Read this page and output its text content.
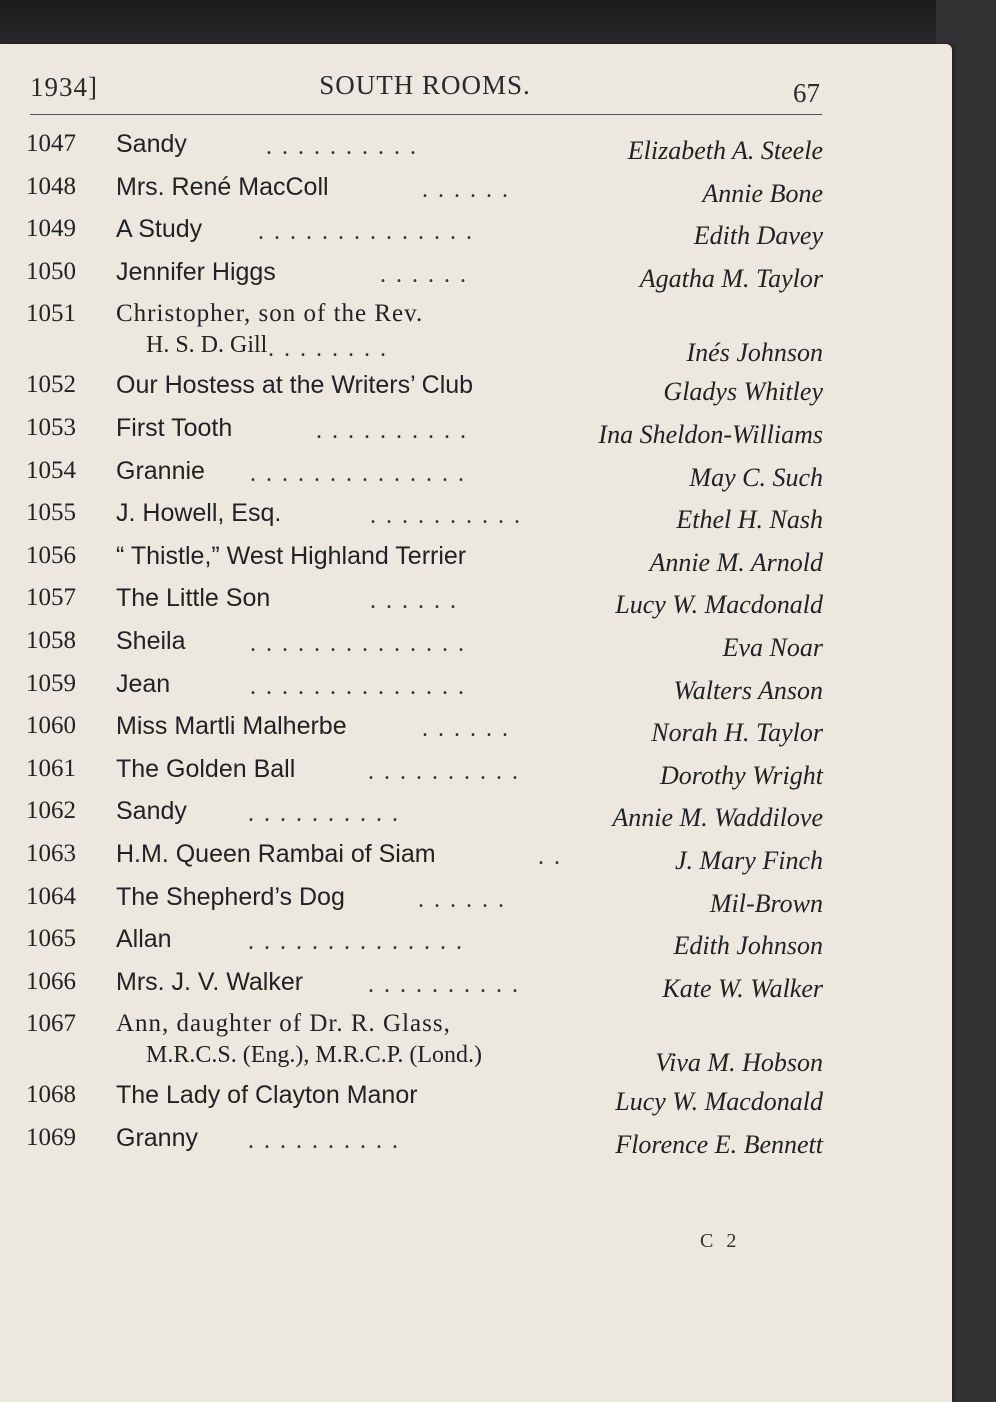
1934]	SOUTH ROOMS.	67
1047 Sandy	. . . . . . . . . .	Elizabeth A. Steele
1048 Mrs. René MacColl	. . . . . .	Annie Bone
1049 A Study . . . . . . . . . . . . . .	Edith Davey
1050 Jennifer Higgs	. . . . . .	Agatha M. Taylor
1051 Christopher, son of the Rev.
H. S. D. Gill . . . . . . . .	Inés Johnson
1052 Our Hostess at the Writers’ Club	Gladys Whitley
1053 First Tooth	. . . . . . . . . .	Ina Sheldon-Williams
1054 Grannie . . . . . . . . . . . . . .	May C. Such
1055 J. Howell, Esq.	. . . . . . . . . .	Ethel H. Nash
1056 “ Thistle,” West Highland Terrier	Annie M. Arnold
1057 The Little Son	. . . . . .	Lucy W. Macdonald
1058 Sheila	. . . . . . . . . . . . . .	Eva Noar
1059 Jean	. . . . . . . . . . . . . .	Walters Anson
1060 Miss Martli Malherbe	. . . . . .	Norah H. Taylor
1061 The Golden Ball	. . . . . . . . . .	Dorothy Wright
1062 Sandy	. . . . . . . . . .	Annie M. Waddilove
1063 H.M. Queen Rambai of Siam	. .	J. Mary Finch
1064 The Shepherd’s Dog	. . . . . .	Mil-Brown
1065 Allan	. . . . . . . . . . . . . .	Edith Johnson
1066 Mrs. J. V. Walker	. . . . . . . . . .	Kate W. Walker
1067 Ann, daughter of Dr. R. Glass,
M.R.C.S. (Eng.), M.R.C.P. (Lond.)	Viva M. Hobson
1068 The Lady of Clayton Manor	Lucy W. Macdonald
1069 Granny . . . . . . . . . .	Florence E. Bennett
C 2
